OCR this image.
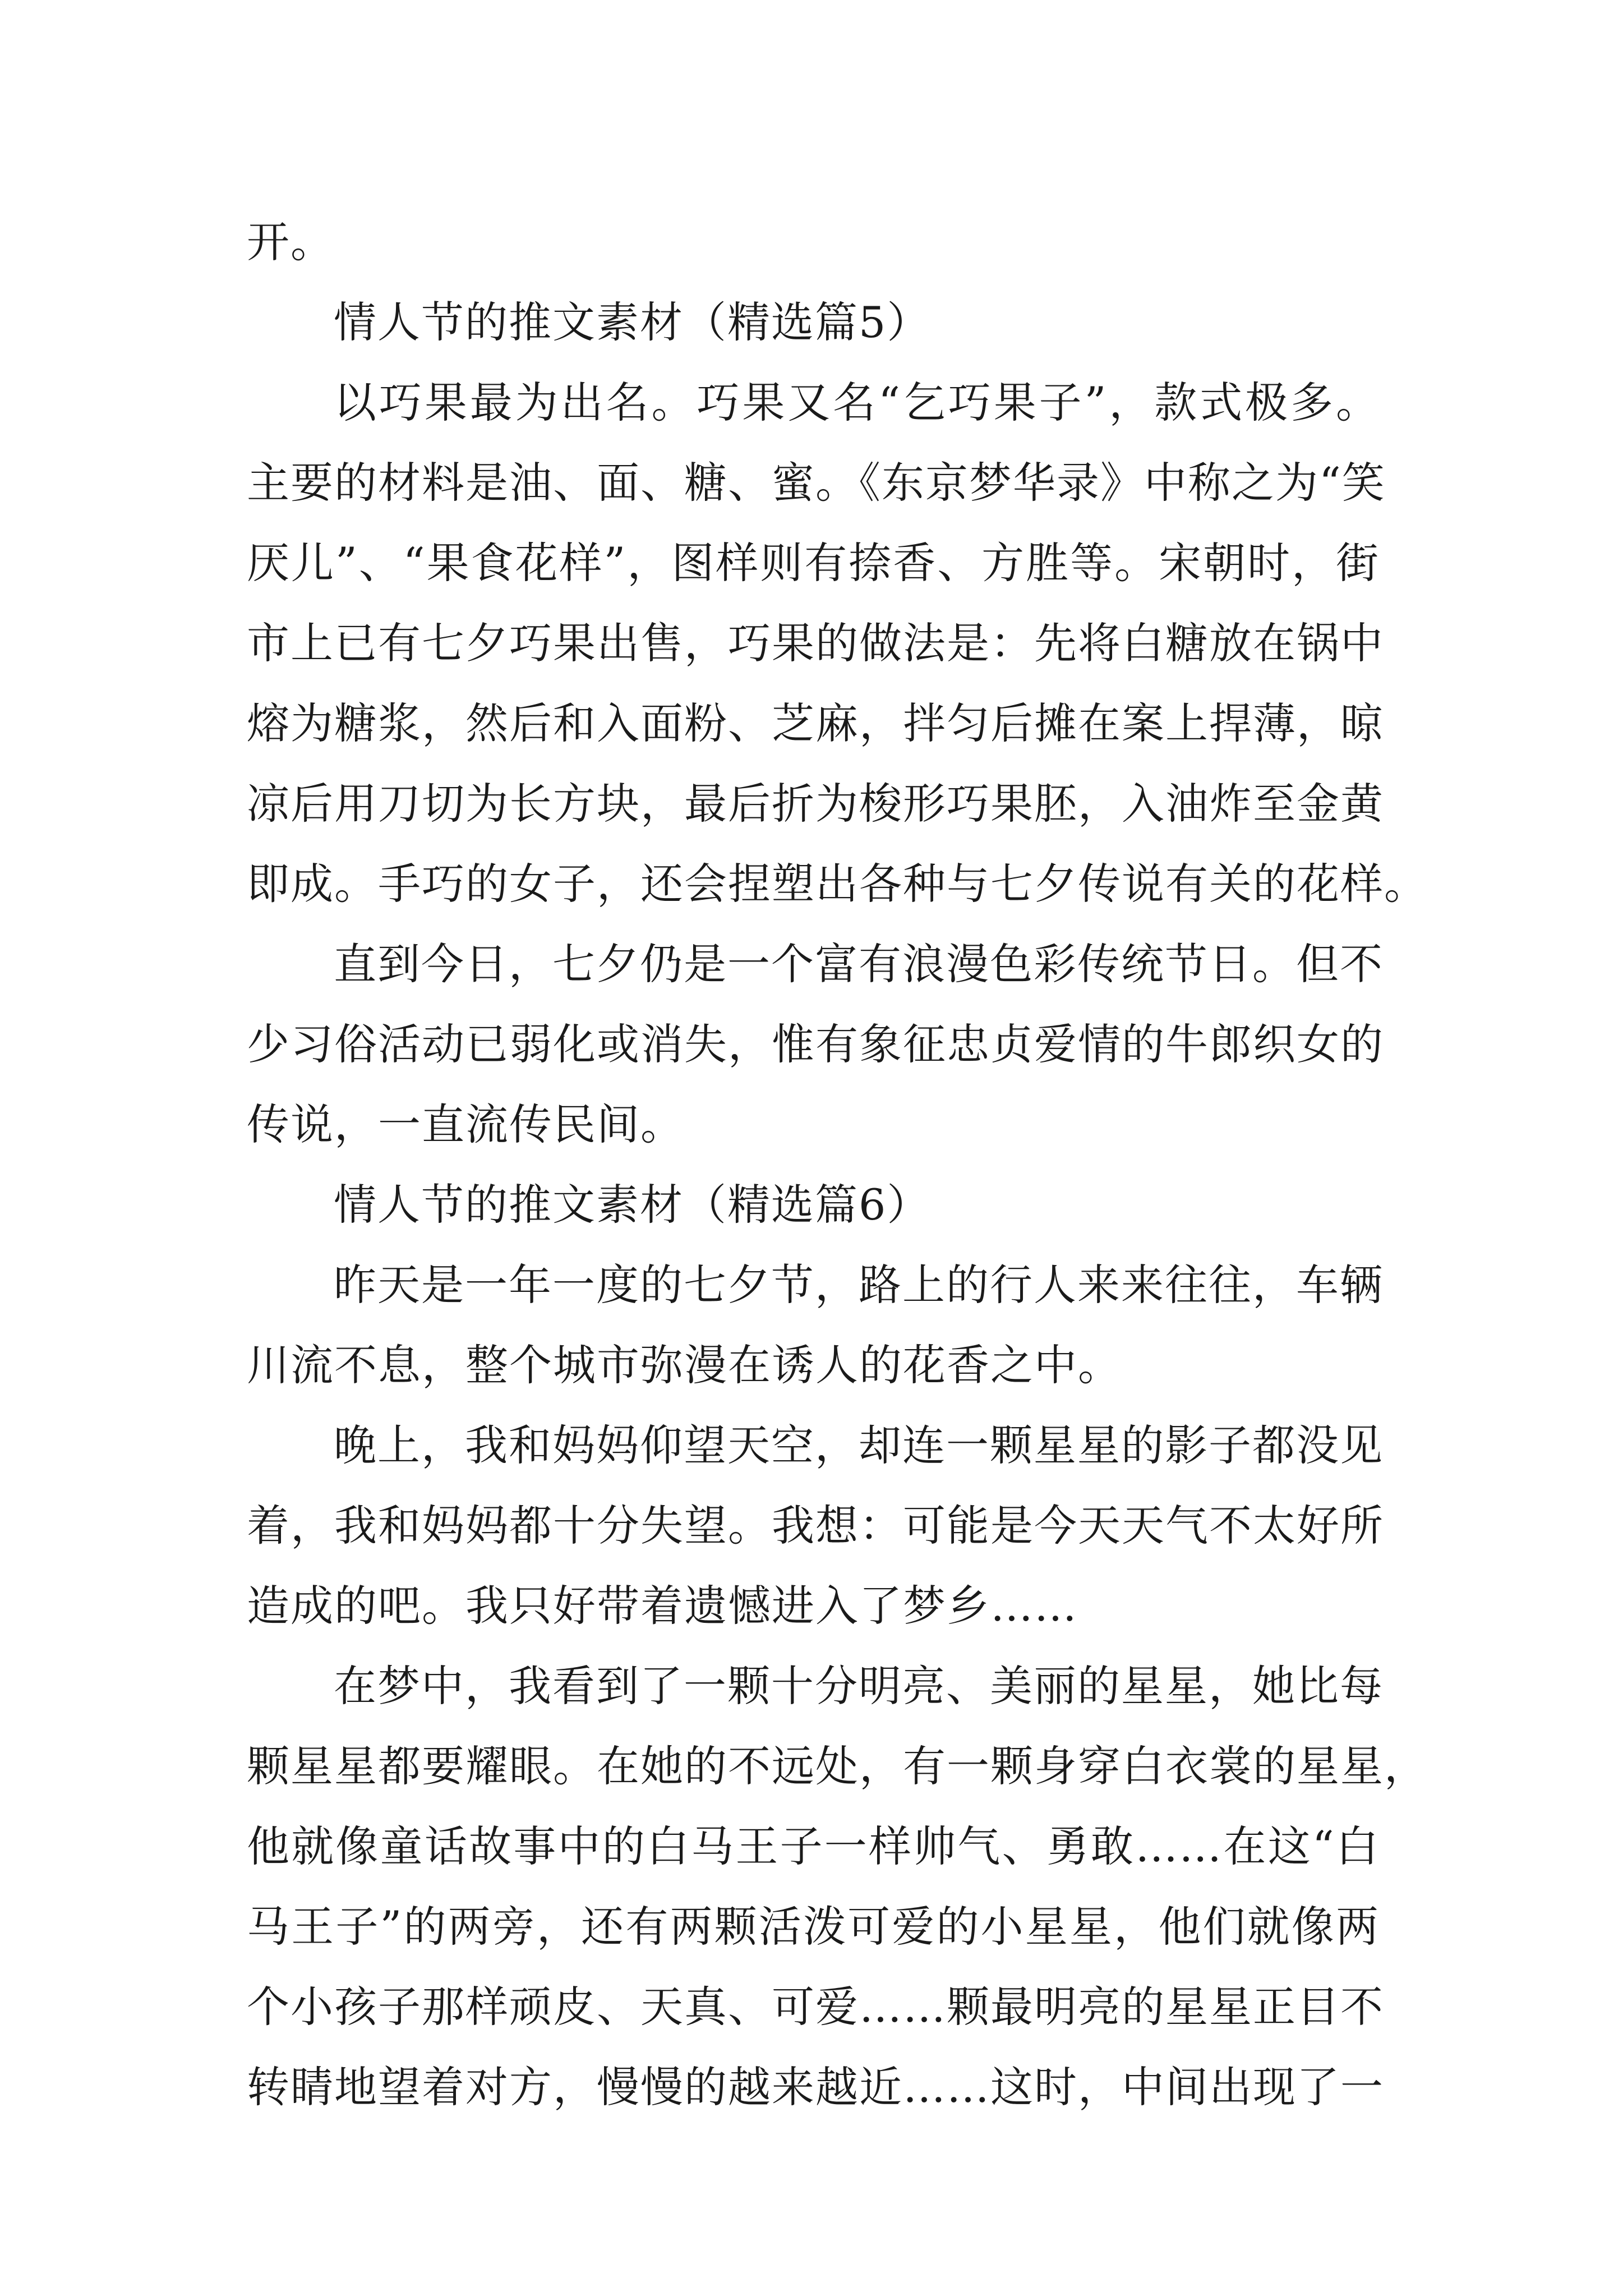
开。
情人节的推文素材（精选篇5）
以巧果最为出名。巧果又名“乞巧果子”，款式极多。
主要的材料是油、面、糖、蜜。《东京梦华录》中称之为“笑
厌儿”、“果食花样”，图样则有捺香、方胜等。宋朝时，街
市上已有七夕巧果出售，巧果的做法是：先将白糖放在锅中
熔为糖浆，然后和入面粉、芝麻，拌匀后摊在案上捍薄，晾
凉后用刀切为长方块，最后折为梭形巧果胚，入油炸至金黄
即成。手巧的女子，还会捏塑出各种与七夕传说有关的花样。
直到今日，七夕仍是一个富有浪漫色彩传统节日。但不
少习俗活动已弱化或消失，惟有象征忠贞爱情的牛郎织女的
传说，一直流传民间。
情人节的推文素材（精选篇6）
昨天是一年一度的七夕节，路上的行人来来往往，车辆
川流不息，整个城市弥漫在诱人的花香之中。
晚上，我和妈妈仰望天空，却连一颗星星的影子都没见
着，我和妈妈都十分失望。我想：可能是今天天气不太好所
造成的吧。我只好带着遗憾进入了梦乡……
在梦中，我看到了一颗十分明亮、美丽的星星，她比每
颗星星都要耀眼。在她的不远处，有一颗身穿白衣裳的星星，
他就像童话故事中的白马王子一样帅气、勇敢……在这“白
马王子”的两旁，还有两颗活泼可爱的小星星，他们就像两
个小孩子那样顽皮、天真、可爱……颗最明亮的星星正目不
转睛地望着对方，慢慢的越来越近……这时，中间出现了一
